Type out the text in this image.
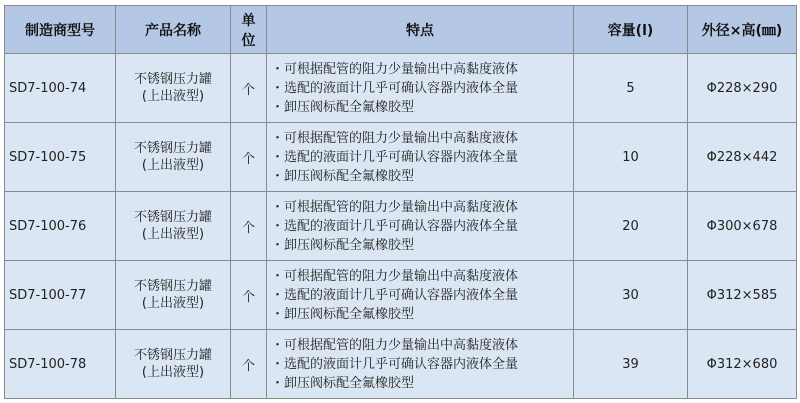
制造商型号	产品名称	单位	特点	容量(l)	外径×高(㎜)
SD7-100-74	不锈钢压力罐
(上出液型)	个	・可根据配管的阻力少量输出中高黏度液体
・选配的液面计几乎可确认容器内液体全量
・卸压阀标配全氟橡胶型	5	Φ228×290
SD7-100-75	不锈钢压力罐
(上出液型)	个	・可根据配管的阻力少量输出中高黏度液体
・选配的液面计几乎可确认容器内液体全量
・卸压阀标配全氟橡胶型	10	Φ228×442
SD7-100-76	不锈钢压力罐
(上出液型)	个	・可根据配管的阻力少量输出中高黏度液体
・选配的液面计几乎可确认容器内液体全量
・卸压阀标配全氟橡胶型	20	Φ300×678
SD7-100-77	不锈钢压力罐
(上出液型)	个	・可根据配管的阻力少量输出中高黏度液体
・选配的液面计几乎可确认容器内液体全量
・卸压阀标配全氟橡胶型	30	Φ312×585
SD7-100-78	不锈钢压力罐
(上出液型)	个	・可根据配管的阻力少量输出中高黏度液体
・选配的液面计几乎可确认容器内液体全量
・卸压阀标配全氟橡胶型	39	Φ312×680
